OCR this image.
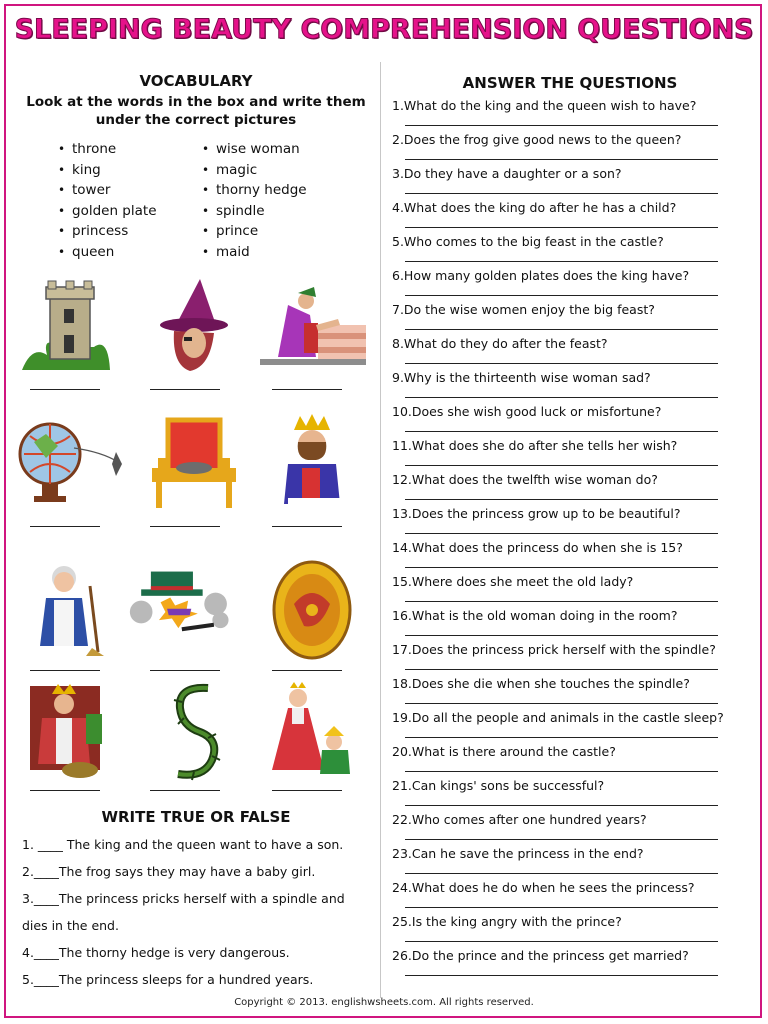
SLEEPING BEAUTY COMPREHENSION QUESTIONS
VOCABULARY
Look at the words in the box and write them
under the correct pictures
• throne
• king
• tower
• golden plate
• princess
• queen
• wise woman
• magic
• thorny hedge
• spindle
• prince
• maid
WRITE TRUE OR FALSE
1. ____ The king and the queen want to have a son.
2.____The frog says they may have a baby girl.
3.____The princess pricks herself with a spindle and
dies in the end.
4.____The thorny hedge is very dangerous.
5.____The princess sleeps for a hundred years.
ANSWER THE QUESTIONS
1.What do the king and the queen wish to have?
2.Does the frog give good news to the queen?
3.Do they have a daughter or a son?
4.What does the king do after he has a child?
5.Who comes to the big feast in the castle?
6.How many golden plates does the king have?
7.Do the wise women enjoy the big feast?
8.What do they do after the feast?
9.Why is the thirteenth wise woman sad?
10.Does she wish good luck or misfortune?
11.What does she do after she tells her wish?
12.What does the twelfth wise woman do?
13.Does the princess grow up to be beautiful?
14.What does the princess do when she is 15?
15.Where does she meet the old lady?
16.What is the old woman doing in the room?
17.Does the princess prick herself with the spindle?
18.Does she die when she touches the spindle?
19.Do all the people and animals in the castle sleep?
20.What is there around the castle?
21.Can kings' sons be successful?
22.Who comes after one hundred years?
23.Can he save the princess in the end?
24.What does he do when he sees the princess?
25.Is the king angry with the prince?
26.Do the prince and the princess get married?
Copyright © 2013. englishwsheets.com. All rights reserved.
